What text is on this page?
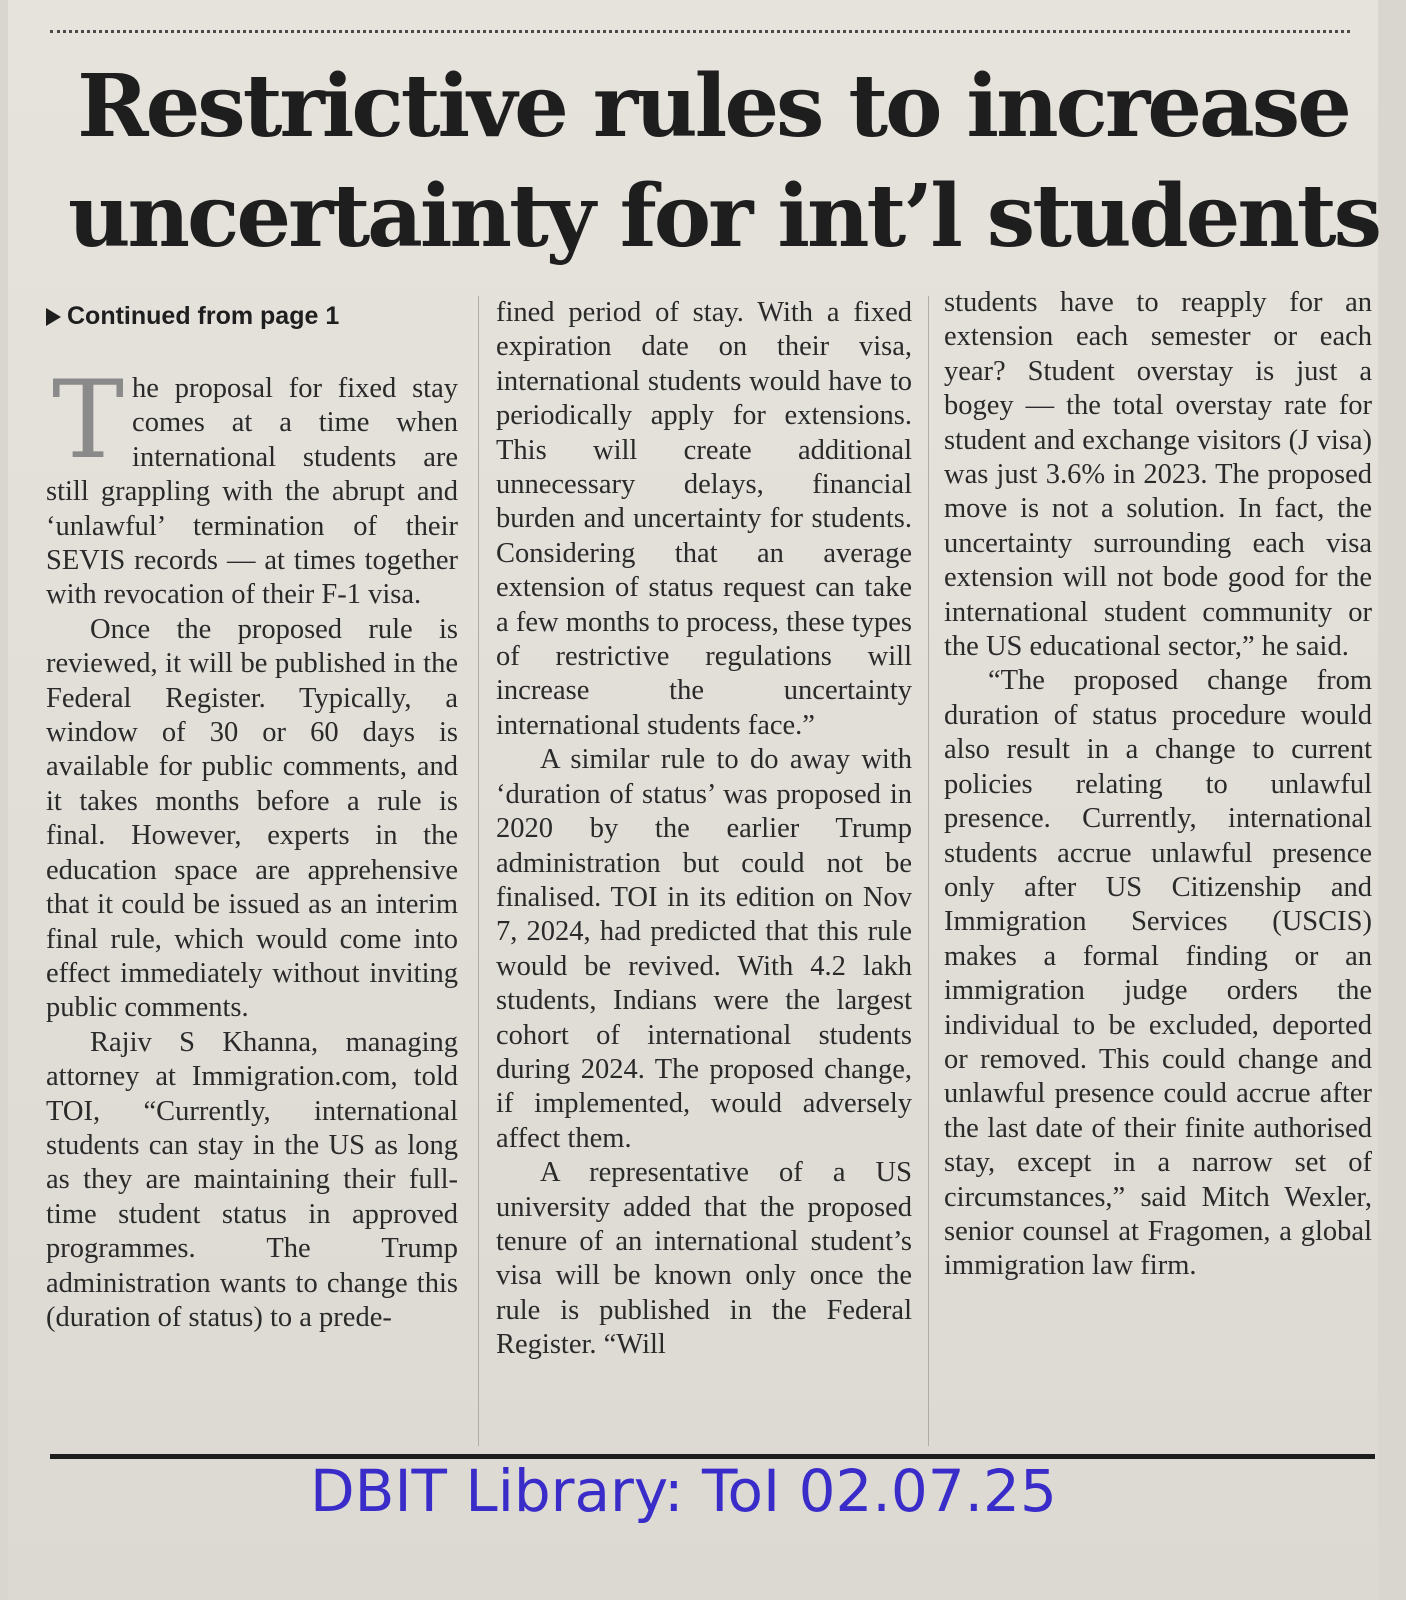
Restrictive rules to increase
uncertainty for int’l students

Continued from page 1

The proposal for fixed stay comes at a time when international students are still grappling with the abrupt and ‘unlawful’ termination of their SEVIS records — at times together with revocation of their F-1 visa.

Once the proposed rule is reviewed, it will be published in the Federal Register. Typically, a window of 30 or 60 days is available for public comments, and it takes months before a rule is final. However, experts in the education space are apprehensive that it could be issued as an interim final rule, which would come into effect immediately without inviting public comments.

Rajiv S Khanna, managing attorney at Immigration.com, told TOI, “Currently, international students can stay in the US as long as they are maintaining their full-time student status in approved programmes. The Trump administration wants to change this (duration of status) to a prede-

fined period of stay. With a fixed expiration date on their visa, international students would have to periodically apply for extensions. This will create additional unnecessary delays, financial burden and uncertainty for students. Considering that an average extension of status request can take a few months to process, these types of restrictive regulations will increase the uncertainty international students face.”

A similar rule to do away with ‘duration of status’ was proposed in 2020 by the earlier Trump administration but could not be finalised. TOI in its edition on Nov 7, 2024, had predicted that this rule would be revived. With 4.2 lakh students, Indians were the largest cohort of international students during 2024. The proposed change, if implemented, would adversely affect them.

A representative of a US university added that the proposed tenure of an international student’s visa will be known only once the rule is published in the Federal Register. “Will

students have to reapply for an extension each semester or each year? Student overstay is just a bogey — the total overstay rate for student and exchange visitors (J visa) was just 3.6% in 2023. The proposed move is not a solution. In fact, the uncertainty surrounding each visa extension will not bode good for the international student community or the US educational sector,” he said.

“The proposed change from duration of status procedure would also result in a change to current policies relating to unlawful presence. Currently, international students accrue unlawful presence only after US Citizenship and Immigration Services (USCIS) makes a formal finding or an immigration judge orders the individual to be excluded, deported or removed. This could change and unlawful presence could accrue after the last date of their finite authorised stay, except in a narrow set of circumstances,” said Mitch Wexler, senior counsel at Fragomen, a global immigration law firm.

DBIT Library: ToI 02.07.25
